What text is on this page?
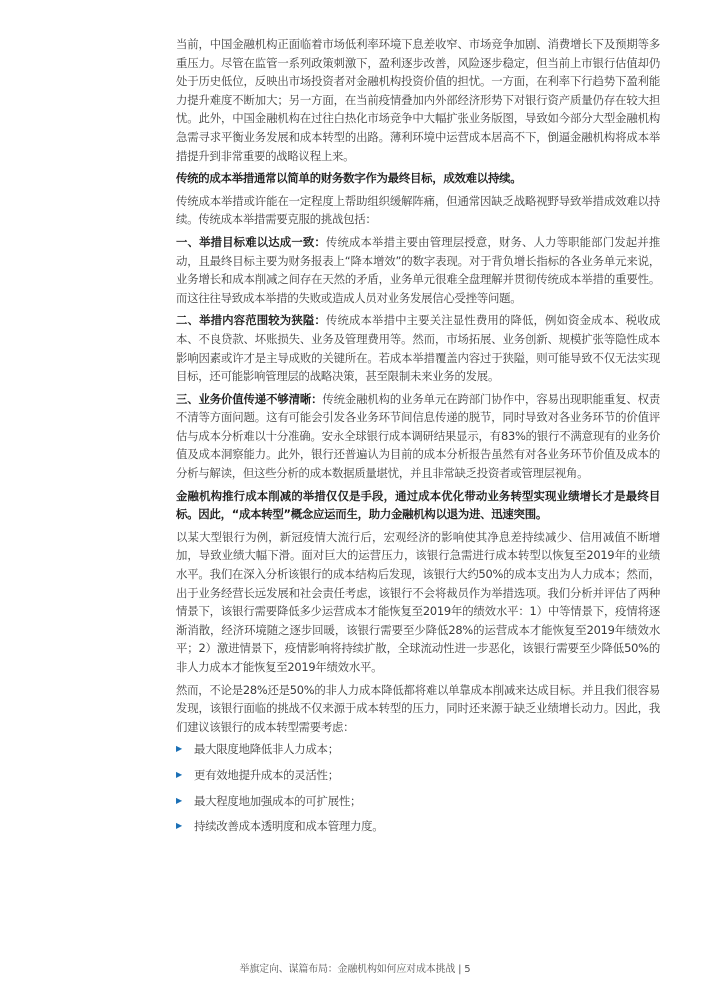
当前，中国金融机构正面临着市场低利率环境下息差收窄、市场竞争加剧、消费增长下及预期等多重压力。尽管在监管一系列政策刺激下，盈利逐步改善，风险逐步稳定，但当前上市银行估值却仍处于历史低位，反映出市场投资者对金融机构投资价值的担忧。一方面，在利率下行趋势下盈利能力提升难度不断加大；另一方面，在当前疫情叠加内外部经济形势下对银行资产质量仍存在较大担忧。此外，中国金融机构在过往白热化市场竞争中大幅扩张业务版图，导致如今部分大型金融机构急需寻求平衡业务发展和成本转型的出路。薄利环境中运营成本居高不下，倒逼金融机构将成本举措提升到非常重要的战略议程上来。

传统的成本举措通常以简单的财务数字作为最终目标，成效难以持续。

传统成本举措或许能在一定程度上帮助组织缓解阵痛，但通常因缺乏战略视野导致举措成效难以持续。传统成本举措需要克服的挑战包括：

一、举措目标难以达成一致：传统成本举措主要由管理层授意，财务、人力等职能部门发起并推动，且最终目标主要为财务报表上“降本增效”的数字表现。对于背负增长指标的各业务单元来说，业务增长和成本削减之间存在天然的矛盾，业务单元很难全盘理解并贯彻传统成本举措的重要性。而这往往导致成本举措的失败或造成人员对业务发展信心受挫等问题。

二、举措内容范围较为狭隘：传统成本举措中主要关注显性费用的降低，例如资金成本、税收成本、不良贷款、坏账损失、业务及管理费用等。然而，市场拓展、业务创新、规模扩张等隐性成本影响因素或许才是主导成败的关键所在。若成本举措覆盖内容过于狭隘，则可能导致不仅无法实现目标，还可能影响管理层的战略决策，甚至限制未来业务的发展。

三、业务价值传递不够清晰：传统金融机构的业务单元在跨部门协作中，容易出现职能重复、权责不清等方面问题。这有可能会引发各业务环节间信息传递的脱节，同时导致对各业务环节的价值评估与成本分析难以十分准确。安永全球银行成本调研结果显示，有83%的银行不满意现有的业务价值及成本洞察能力。此外，银行还普遍认为目前的成本分析报告虽然有对各业务环节价值及成本的分析与解读，但这些分析的成本数据质量堪忧，并且非常缺乏投资者或管理层视角。

金融机构推行成本削减的举措仅仅是手段，通过成本优化带动业务转型实现业绩增长才是最终目标。因此，“成本转型”概念应运而生，助力金融机构以退为进、迅速突围。

以某大型银行为例，新冠疫情大流行后，宏观经济的影响使其净息差持续减少、信用减值不断增加，导致业绩大幅下滑。面对巨大的运营压力，该银行急需进行成本转型以恢复至2019年的业绩水平。我们在深入分析该银行的成本结构后发现，该银行大约50%的成本支出为人力成本；然而，出于业务经营长远发展和社会责任考虑，该银行不会将裁员作为举措选项。我们分析并评估了两种情景下，该银行需要降低多少运营成本才能恢复至2019年的绩效水平：1）中等情景下，疫情将逐渐消散，经济环境随之逐步回暖，该银行需要至少降低28%的运营成本才能恢复至2019年绩效水平；2）激进情景下，疫情影响将持续扩散，全球流动性进一步恶化，该银行需要至少降低50%的非人力成本才能恢复至2019年绩效水平。

然而，不论是28%还是50%的非人力成本降低都将难以单靠成本削减来达成目标。并且我们很容易发现，该银行面临的挑战不仅来源于成本转型的压力，同时还来源于缺乏业绩增长动力。因此，我们建议该银行的成本转型需要考虑：

▶	最大限度地降低非人力成本；
▶	更有效地提升成本的灵活性；
▶	最大程度地加强成本的可扩展性；
▶	持续改善成本透明度和成本管理力度。
举旗定向、谋篇布局：金融机构如何应对成本挑战 | 5
